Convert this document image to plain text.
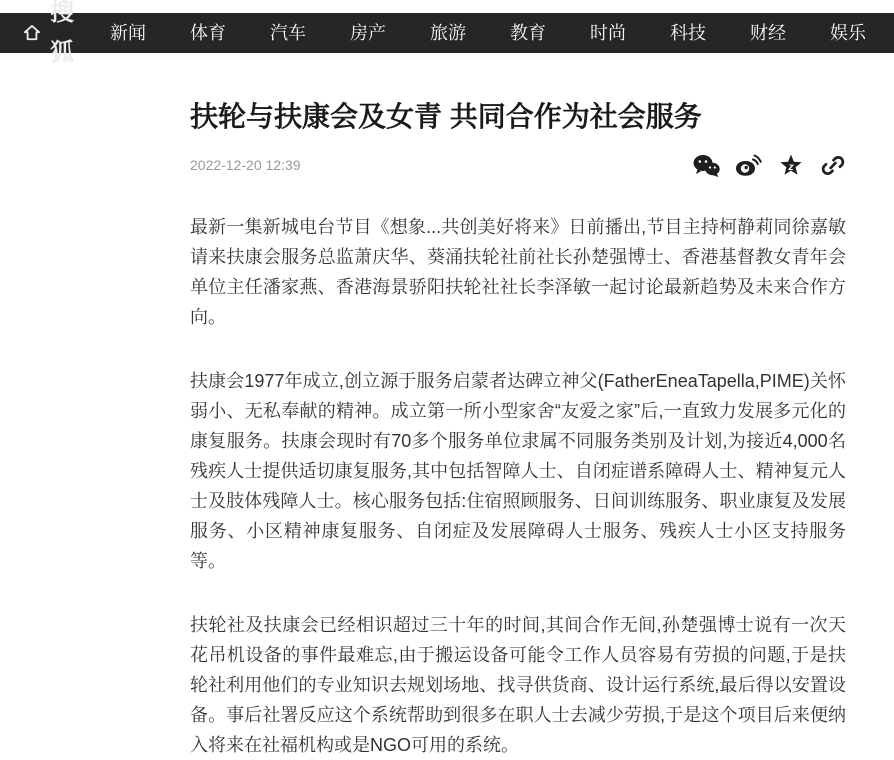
搜狐
新闻	体育	汽车	房产	旅游	教育	时尚	科技	财经	娱乐
扶轮与扶康会及女青 共同合作为社会服务
2022-12-20 12:39	z

最新一集新城电台节目《想象...共创美好将来》日前播出,节目主持柯静莉同徐嘉敏请来扶康会服务总监萧庆华、葵涌扶轮社前社长孙楚强博士、香港基督教女青年会单位主任潘家燕、香港海景骄阳扶轮社社长李泽敏一起讨论最新趋势及未来合作方向。

扶康会1977年成立,创立源于服务启蒙者达碑立神父(FatherEneaTapella,PIME)关怀弱小、无私奉献的精神。成立第一所小型家舍“友爱之家”后,一直致力发展多元化的康复服务。扶康会现时有70多个服务单位隶属不同服务类别及计划,为接近4,000名残疾人士提供适切康复服务,其中包括智障人士、自闭症谱系障碍人士、精神复元人士及肢体残障人士。核心服务包括:住宿照顾服务、日间训练服务、职业康复及发展服务、小区精神康复服务、自闭症及发展障碍人士服务、残疾人士小区支持服务等。

扶轮社及扶康会已经相识超过三十年的时间,其间合作无间,孙楚强博士说有一次天花吊机设备的事件最难忘,由于搬运设备可能令工作人员容易有劳损的问题,于是扶轮社利用他们的专业知识去规划场地、找寻供货商、设计运行系统,最后得以安置设备。事后社署反应这个系统帮助到很多在职人士去减少劳损,于是这个项目后来便纳入将来在社福机构或是NGO可用的系统。
